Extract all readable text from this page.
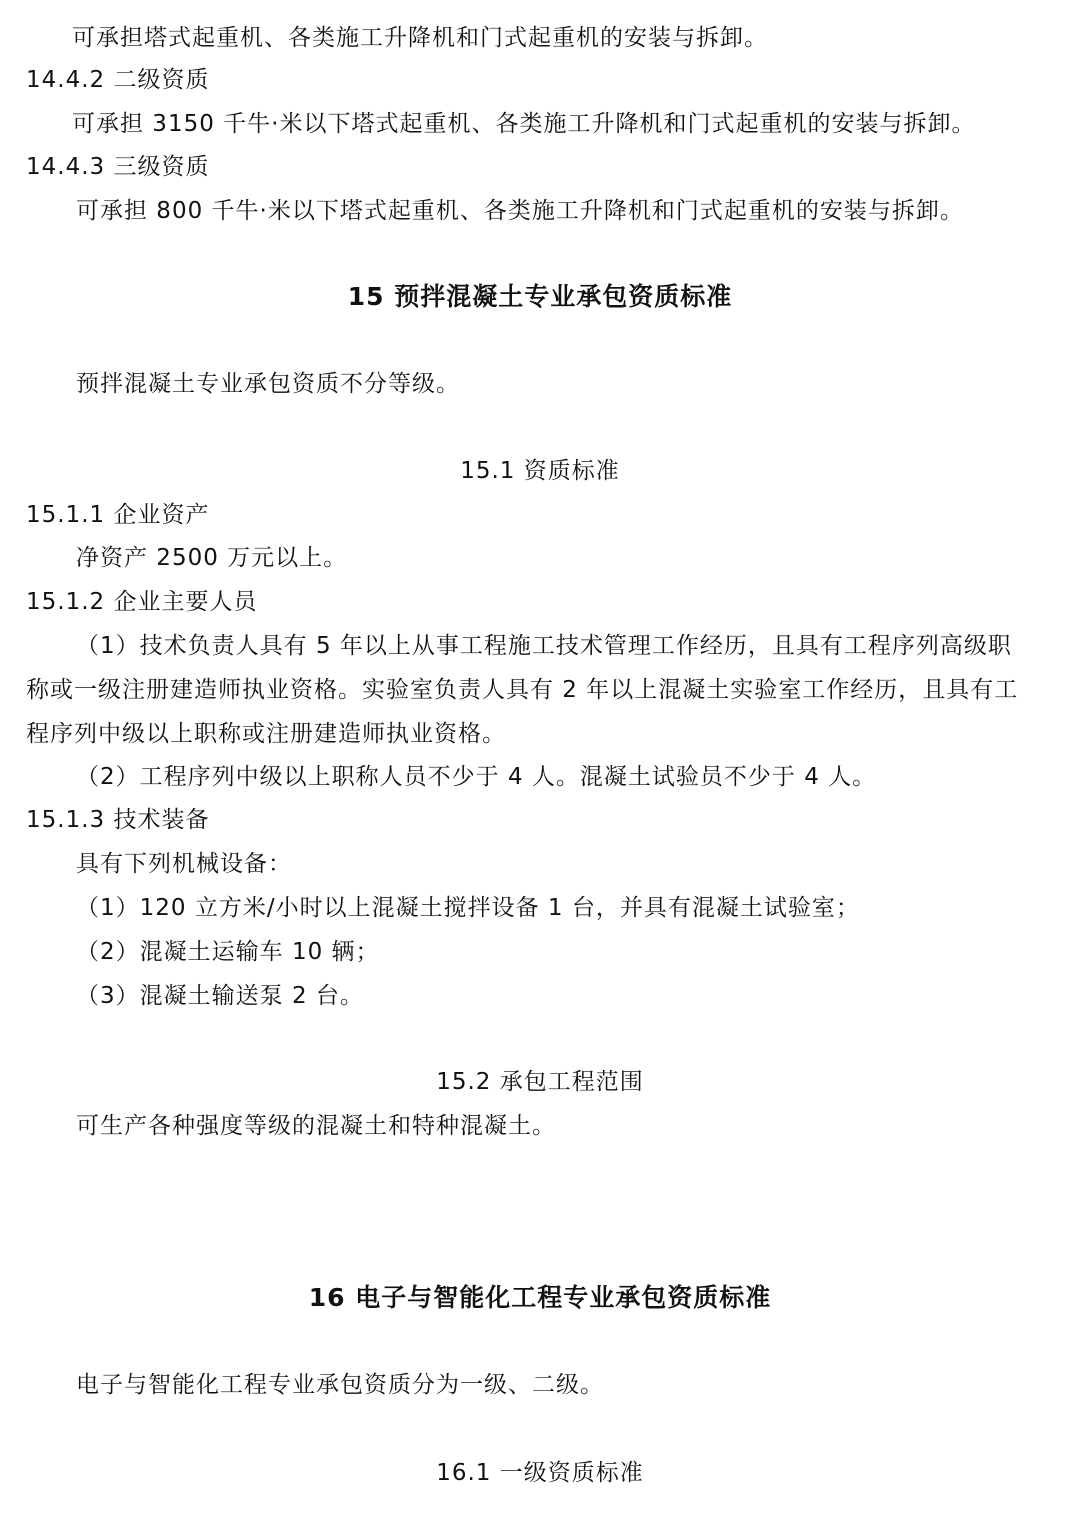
可承担塔式起重机、各类施工升降机和门式起重机的安装与拆卸。
14.4.2 二级资质
可承担 3150 千牛·米以下塔式起重机、各类施工升降机和门式起重机的安装与拆卸。
14.4.3 三级资质
可承担 800 千牛·米以下塔式起重机、各类施工升降机和门式起重机的安装与拆卸。
15 预拌混凝土专业承包资质标准
预拌混凝土专业承包资质不分等级。
15.1 资质标准
15.1.1 企业资产
净资产 2500 万元以上。
15.1.2 企业主要人员
（1）技术负责人具有 5 年以上从事工程施工技术管理工作经历，且具有工程序列高级职
称或一级注册建造师执业资格。实验室负责人具有 2 年以上混凝土实验室工作经历，且具有工
程序列中级以上职称或注册建造师执业资格。
（2）工程序列中级以上职称人员不少于 4 人。混凝土试验员不少于 4 人。
15.1.3 技术装备
具有下列机械设备：
（1）120 立方米/小时以上混凝土搅拌设备 1 台，并具有混凝土试验室；
（2）混凝土运输车 10 辆；
（3）混凝土输送泵 2 台。
15.2 承包工程范围
可生产各种强度等级的混凝土和特种混凝土。
16 电子与智能化工程专业承包资质标准
电子与智能化工程专业承包资质分为一级、二级。
16.1 一级资质标准
